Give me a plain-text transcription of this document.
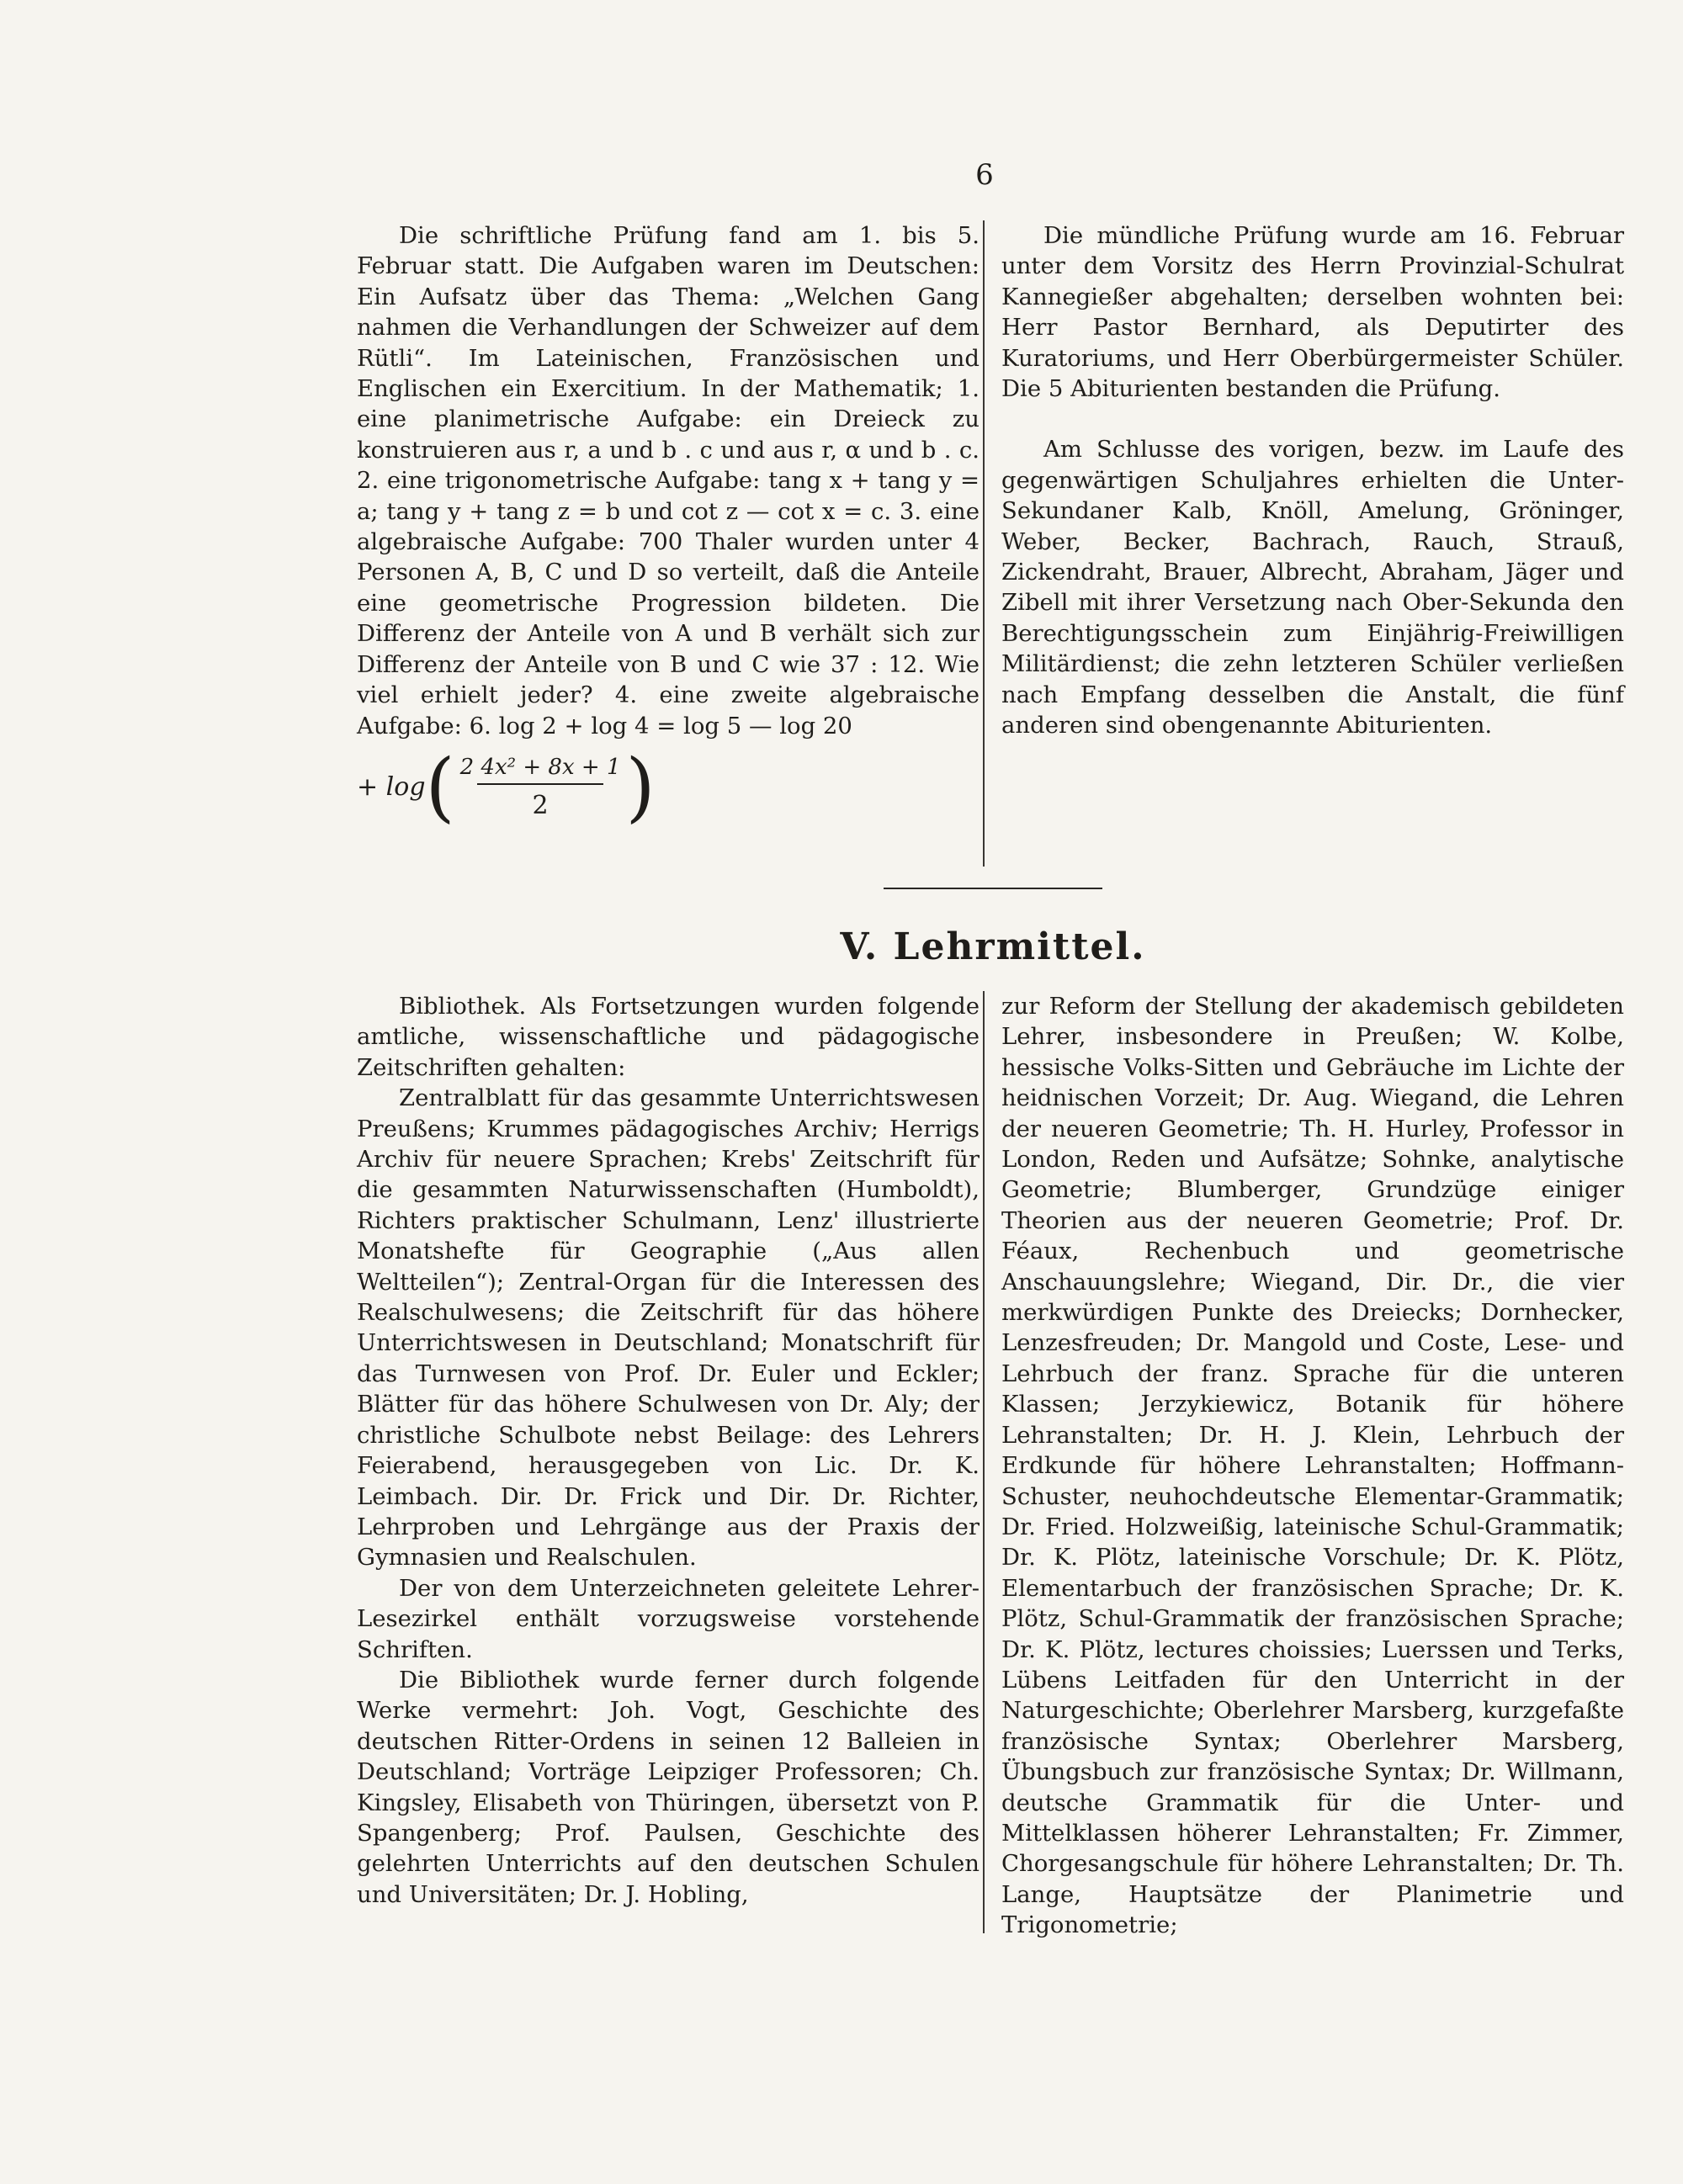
6

Die schriftliche Prüfung fand am 1. bis 5. Februar statt. Die Aufgaben waren im Deutschen: Ein Aufsatz über das Thema: „Welchen Gang nahmen die Verhandlungen der Schweizer auf dem Rütli“. Im Lateinischen, Französischen und Englischen ein Exercitium. In der Mathematik; 1. eine planimetrische Aufgabe: ein Dreieck zu konstruieren aus r, a und b . c und aus r, α und b . c. 2. eine trigonometrische Aufgabe: tang x + tang y = a; tang y + tang z = b und cot z — cot x = c. 3. eine algebraische Aufgabe: 700 Thaler wurden unter 4 Personen A, B, C und D so verteilt, daß die Anteile eine geometrische Progression bildeten. Die Differenz der Anteile von A und B verhält sich zur Differenz der Anteile von B und C wie 37 : 12. Wie viel erhielt jeder? 4. eine zweite algebraische Aufgabe: 6. log 2 + log 4 = log 5 — log 20

+ log ( $\frac{\text{2 4x² + 8x + 1}}{2}$ )

Die mündliche Prüfung wurde am 16. Februar unter dem Vorsitz des Herrn Provinzial-Schulrat Kannegießer abgehalten; derselben wohnten bei: Herr Pastor Bernhard, als Deputirter des Kuratoriums, und Herr Oberbürgermeister Schüler. Die 5 Abiturienten bestanden die Prüfung.

Am Schlusse des vorigen, bezw. im Laufe des gegenwärtigen Schuljahres erhielten die Unter-Sekundaner Kalb, Knöll, Amelung, Gröninger, Weber, Becker, Bachrach, Rauch, Strauß, Zickendraht, Brauer, Albrecht, Abraham, Jäger und Zibell mit ihrer Versetzung nach Ober-Sekunda den Berechtigungsschein zum Einjährig-Freiwilligen Militärdienst; die zehn letzteren Schüler verließen nach Empfang desselben die Anstalt, die fünf anderen sind obengenannte Abiturienten.

V. Lehrmittel.

Bibliothek. Als Fortsetzungen wurden folgende amtliche, wissenschaftliche und pädagogische Zeitschriften gehalten:

Zentralblatt für das gesammte Unterrichtswesen Preußens; Krummes pädagogisches Archiv; Herrigs Archiv für neuere Sprachen; Krebs' Zeitschrift für die gesammten Naturwissenschaften (Humboldt), Richters praktischer Schulmann, Lenz' illustrierte Monatshefte für Geographie („Aus allen Weltteilen“); Zentral-Organ für die Interessen des Realschulwesens; die Zeitschrift für das höhere Unterrichtswesen in Deutschland; Monatschrift für das Turnwesen von Prof. Dr. Euler und Eckler; Blätter für das höhere Schulwesen von Dr. Aly; der christliche Schulbote nebst Beilage: des Lehrers Feierabend, herausgegeben von Lic. Dr. K. Leimbach. Dir. Dr. Frick und Dir. Dr. Richter, Lehrproben und Lehrgänge aus der Praxis der Gymnasien und Realschulen.

Der von dem Unterzeichneten geleitete Lehrer-Lesezirkel enthält vorzugsweise vorstehende Schriften.

Die Bibliothek wurde ferner durch folgende Werke vermehrt: Joh. Vogt, Geschichte des deutschen Ritter-Ordens in seinen 12 Balleien in Deutschland; Vorträge Leipziger Professoren; Ch. Kingsley, Elisabeth von Thüringen, übersetzt von P. Spangenberg; Prof. Paulsen, Geschichte des gelehrten Unterrichts auf den deutschen Schulen und Universitäten; Dr. J. Hobling,

zur Reform der Stellung der akademisch gebildeten Lehrer, insbesondere in Preußen; W. Kolbe, hessische Volks-Sitten und Gebräuche im Lichte der heidnischen Vorzeit; Dr. Aug. Wiegand, die Lehren der neueren Geometrie; Th. H. Hurley, Professor in London, Reden und Aufsätze; Sohnke, analytische Geometrie; Blumberger, Grundzüge einiger Theorien aus der neueren Geometrie; Prof. Dr. Féaux, Rechenbuch und geometrische Anschauungslehre; Wiegand, Dir. Dr., die vier merkwürdigen Punkte des Dreiecks; Dornhecker, Lenzesfreuden; Dr. Mangold und Coste, Lese- und Lehrbuch der franz. Sprache für die unteren Klassen; Jerzykiewicz, Botanik für höhere Lehranstalten; Dr. H. J. Klein, Lehrbuch der Erdkunde für höhere Lehranstalten; Hoffmann-Schuster, neuhochdeutsche Elementar-Grammatik; Dr. Fried. Holzweißig, lateinische Schul-Grammatik; Dr. K. Plötz, lateinische Vorschule; Dr. K. Plötz, Elementarbuch der französischen Sprache; Dr. K. Plötz, Schul-Grammatik der französischen Sprache; Dr. K. Plötz, lectures choissies; Luerssen und Terks, Lübens Leitfaden für den Unterricht in der Naturgeschichte; Oberlehrer Marsberg, kurzgefaßte französische Syntax; Oberlehrer Marsberg, Übungsbuch zur französische Syntax; Dr. Willmann, deutsche Grammatik für die Unter- und Mittelklassen höherer Lehranstalten; Fr. Zimmer, Chorgesangschule für höhere Lehranstalten; Dr. Th. Lange, Hauptsätze der Planimetrie und Trigonometrie;
